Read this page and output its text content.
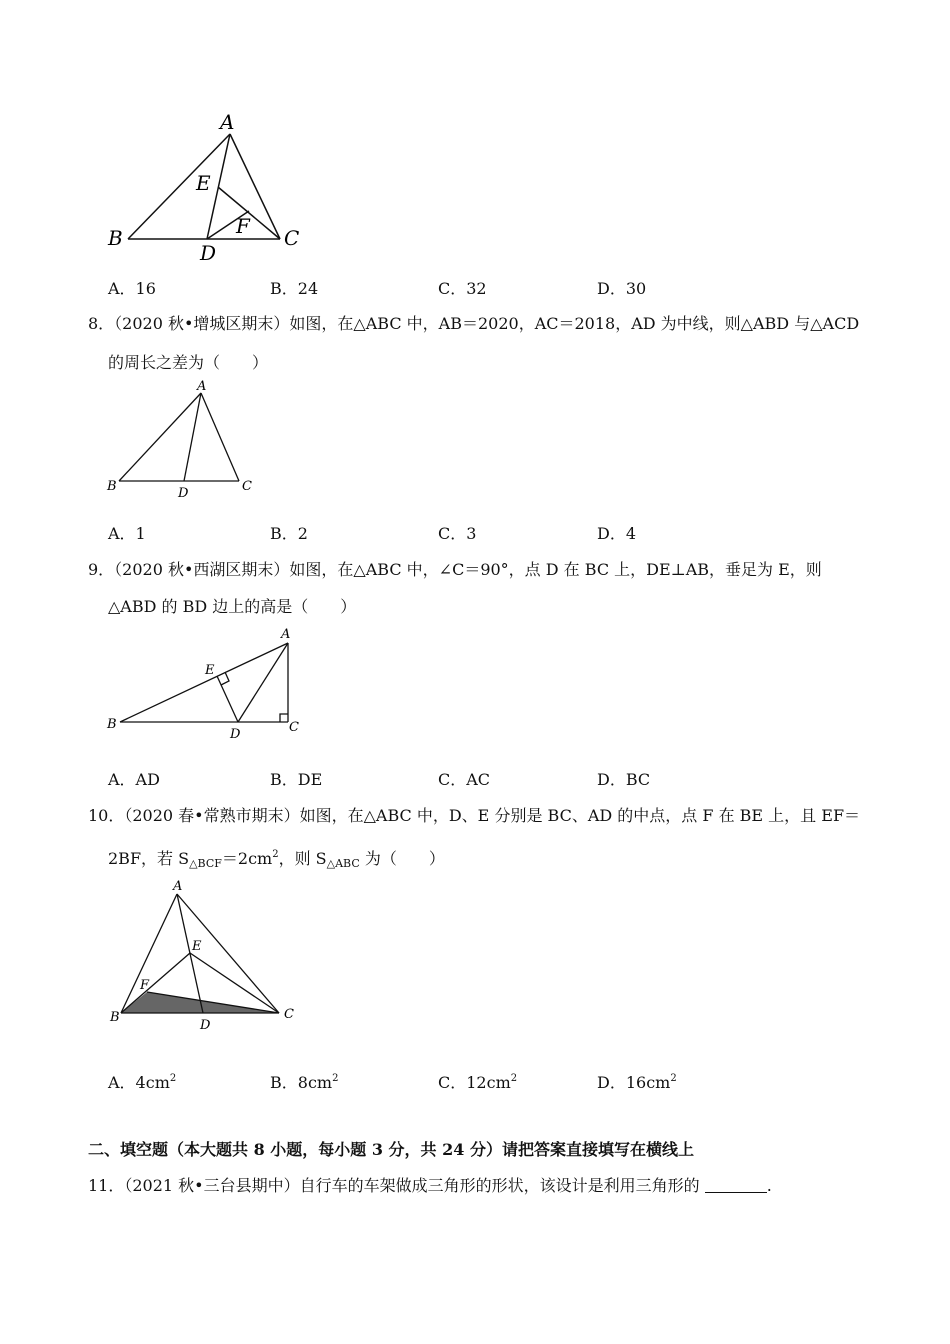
A
B	C
D
E
F
A．16	B．24	C．32	D．30
8．（2020 秋•增城区期末）如图，在△ABC 中，AB＝2020，AC＝2018，AD 为中线，则△ABD 与△ACD
的周长之差为（　　）
A
B	C
D
A．1	B．2	C．3	D．4
9．（2020 秋•西湖区期末）如图，在△ABC 中，∠C＝90°，点 D 在 BC 上，DE⊥AB，垂足为 E，则
△ABD 的 BD 边上的高是（　　）
A
B	C
D
E
A．AD	B．DE	C．AC	D．BC
10．（2020 春•常熟市期末）如图，在△ABC 中，D、E 分别是 BC、AD 的中点，点 F 在 BE 上，且 EF＝
2BF，若 $S_{\triangle BCF}=2cm^2$，则 $S_{\triangle ABC}$ 为（　　）
A
B	C
D
E
F
A．$4cm^2$	B．$8cm^2$	C．$12cm^2$	D．$16cm^2$
二、填空题（本大题共 8 小题，每小题 3 分，共 24 分）请把答案直接填写在横线上
11．（2021 秋•三台县期中）自行车的车架做成三角形的形状，该设计是利用三角形的	.
